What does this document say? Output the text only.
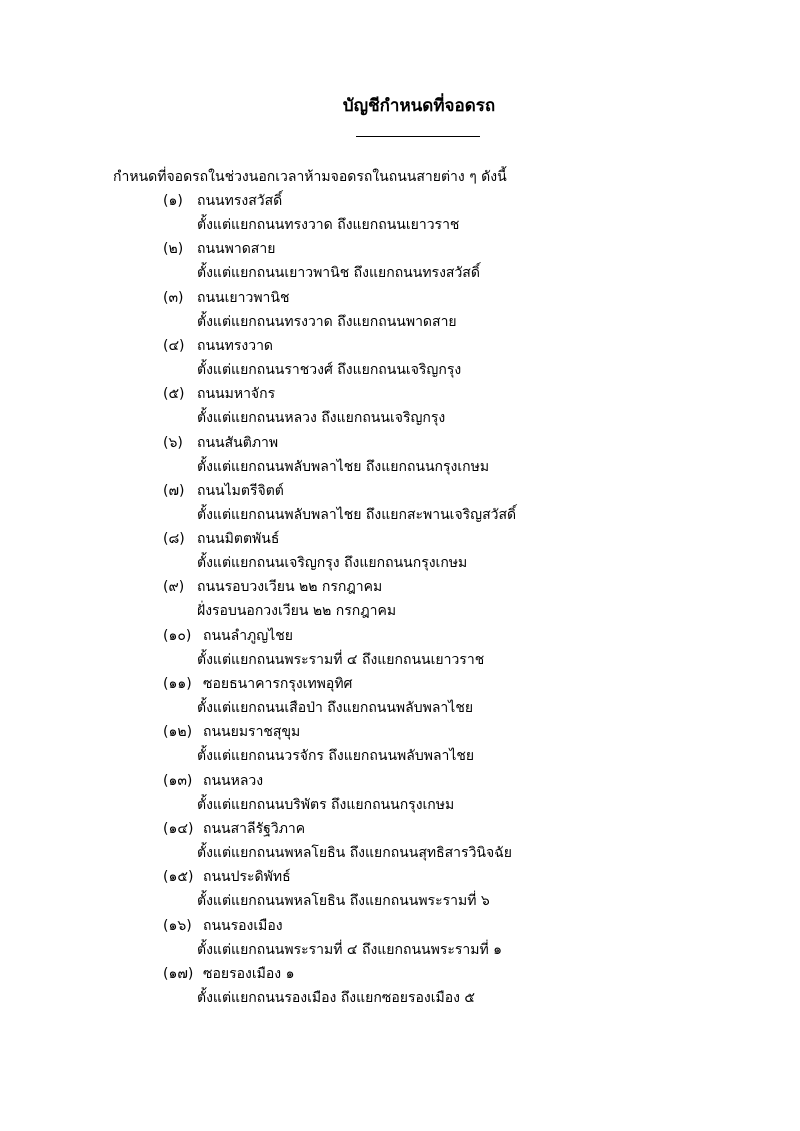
บัญชีกำหนดที่จอดรถ
กำหนดที่จอดรถในช่วงนอกเวลาห้ามจอดรถในถนนสายต่าง ๆ ดังนี้
(๑) ถนนทรงสวัสดิ์
ตั้งแต่แยกถนนทรงวาด ถึงแยกถนนเยาวราช
(๒) ถนนพาดสาย
ตั้งแต่แยกถนนเยาวพานิช ถึงแยกถนนทรงสวัสดิ์
(๓) ถนนเยาวพานิช
ตั้งแต่แยกถนนทรงวาด ถึงแยกถนนพาดสาย
(๔) ถนนทรงวาด
ตั้งแต่แยกถนนราชวงศ์ ถึงแยกถนนเจริญกรุง
(๕) ถนนมหาจักร
ตั้งแต่แยกถนนหลวง ถึงแยกถนนเจริญกรุง
(๖) ถนนสันติภาพ
ตั้งแต่แยกถนนพลับพลาไชย ถึงแยกถนนกรุงเกษม
(๗) ถนนไมตรีจิตต์
ตั้งแต่แยกถนนพลับพลาไชย ถึงแยกสะพานเจริญสวัสดิ์
(๘) ถนนมิตตพันธ์
ตั้งแต่แยกถนนเจริญกรุง ถึงแยกถนนกรุงเกษม
(๙) ถนนรอบวงเวียน ๒๒ กรกฎาคม
ฝั่งรอบนอกวงเวียน ๒๒ กรกฎาคม
(๑๐) ถนนลำภูญไชย
ตั้งแต่แยกถนนพระรามที่ ๔ ถึงแยกถนนเยาวราช
(๑๑) ซอยธนาคารกรุงเทพอุทิศ
ตั้งแต่แยกถนนเสือป่า ถึงแยกถนนพลับพลาไชย
(๑๒) ถนนยมราชสุขุม
ตั้งแต่แยกถนนวรจักร ถึงแยกถนนพลับพลาไชย
(๑๓) ถนนหลวง
ตั้งแต่แยกถนนบริพัตร ถึงแยกถนนกรุงเกษม
(๑๔) ถนนสาลีรัฐวิภาค
ตั้งแต่แยกถนนพหลโยธิน ถึงแยกถนนสุทธิสารวินิจฉัย
(๑๕) ถนนประดิพัทธ์
ตั้งแต่แยกถนนพหลโยธิน ถึงแยกถนนพระรามที่ ๖
(๑๖) ถนนรองเมือง
ตั้งแต่แยกถนนพระรามที่ ๔ ถึงแยกถนนพระรามที่ ๑
(๑๗) ซอยรองเมือง ๑
ตั้งแต่แยกถนนรองเมือง ถึงแยกซอยรองเมือง ๕
